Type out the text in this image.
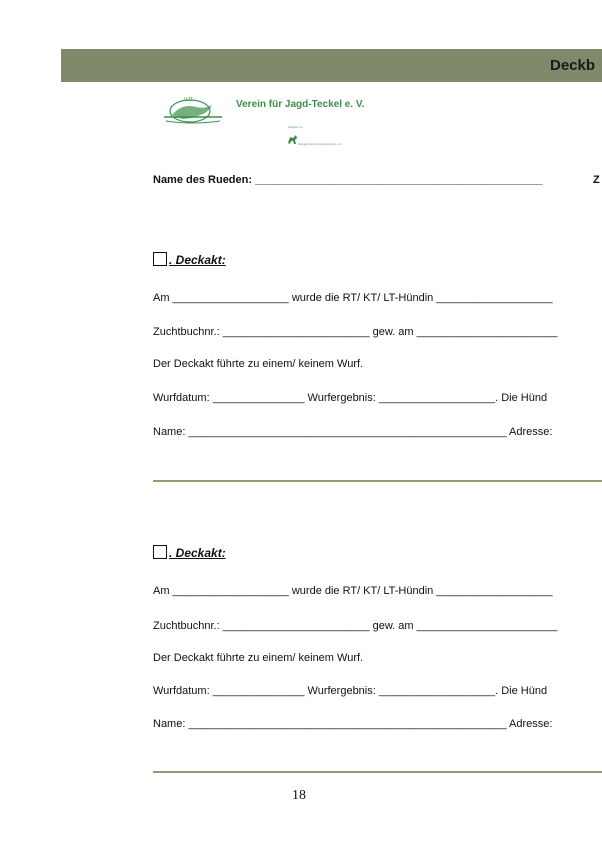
Deckb
VJT	Verein für Jagd-Teckel e. V.
Mitglied im
Jagdgebrauchshundverband e.V.
Name des Rueden: _______________________________________________	Z
. Deckakt:
Am ___________________ wurde die RT/ KT/ LT-Hündin ___________________
Zuchtbuchnr.: ________________________ gew. am _______________________
Der Deckakt führte zu einem/ keinem Wurf.
Wurfdatum: _______________ Wurfergebnis: ___________________. Die Hünd
Name: ____________________________________________________ Adresse:
. Deckakt:
Am ___________________ wurde die RT/ KT/ LT-Hündin ___________________
Zuchtbuchnr.: ________________________ gew. am _______________________
Der Deckakt führte zu einem/ keinem Wurf.
Wurfdatum: _______________ Wurfergebnis: ___________________. Die Hünd
Name: ____________________________________________________ Adresse:
18
